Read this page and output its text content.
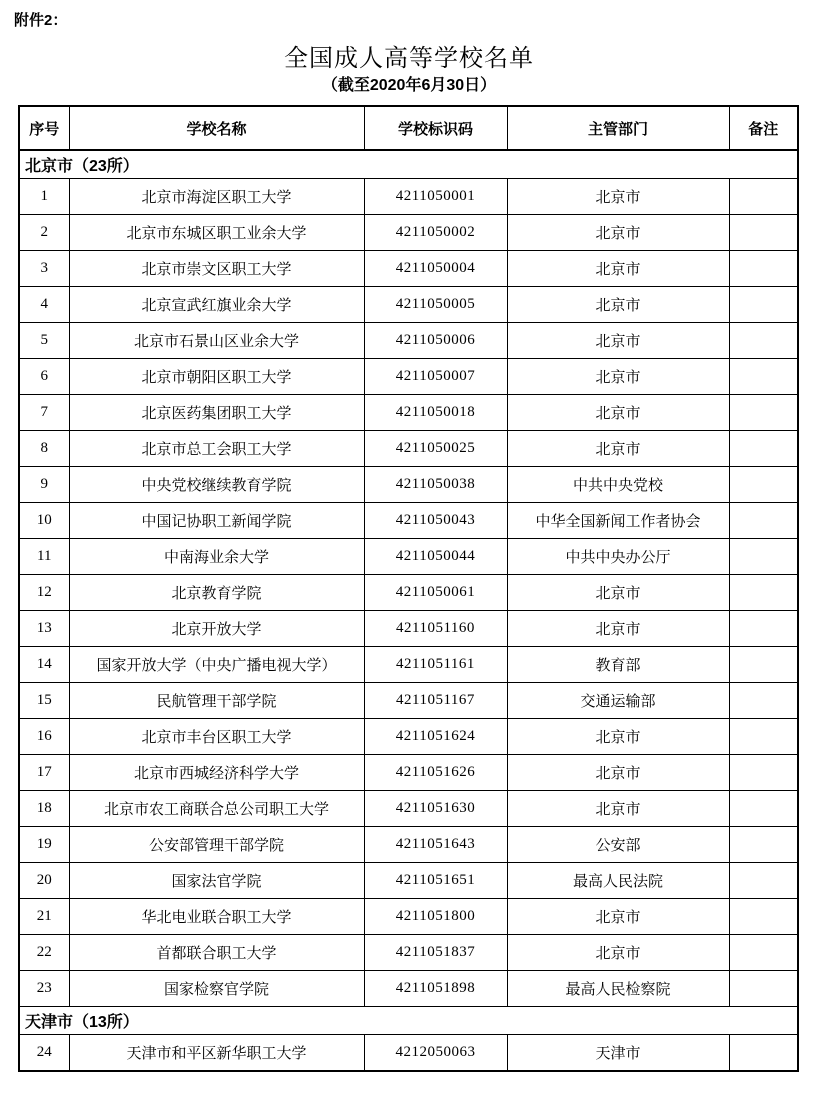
附件2：
全国成人高等学校名单
（截至2020年6月30日）
序号	学校名称	学校标识码	主管部门	备注
北京市（23所）				
1	北京市海淀区职工大学	4211050001	北京市	
2	北京市东城区职工业余大学	4211050002	北京市	
3	北京市崇文区职工大学	4211050004	北京市	
4	北京宣武红旗业余大学	4211050005	北京市	
5	北京市石景山区业余大学	4211050006	北京市	
6	北京市朝阳区职工大学	4211050007	北京市	
7	北京医药集团职工大学	4211050018	北京市	
8	北京市总工会职工大学	4211050025	北京市	
9	中央党校继续教育学院	4211050038	中共中央党校	
10	中国记协职工新闻学院	4211050043	中华全国新闻工作者协会	
11	中南海业余大学	4211050044	中共中央办公厅	
12	北京教育学院	4211050061	北京市	
13	北京开放大学	4211051160	北京市	
14	国家开放大学（中央广播电视大学）	4211051161	教育部	
15	民航管理干部学院	4211051167	交通运输部	
16	北京市丰台区职工大学	4211051624	北京市	
17	北京市西城经济科学大学	4211051626	北京市	
18	北京市农工商联合总公司职工大学	4211051630	北京市	
19	公安部管理干部学院	4211051643	公安部	
20	国家法官学院	4211051651	最高人民法院	
21	华北电业联合职工大学	4211051800	北京市	
22	首都联合职工大学	4211051837	北京市	
23	国家检察官学院	4211051898	最高人民检察院	
天津市（13所）				
24	天津市和平区新华职工大学	4212050063	天津市	
